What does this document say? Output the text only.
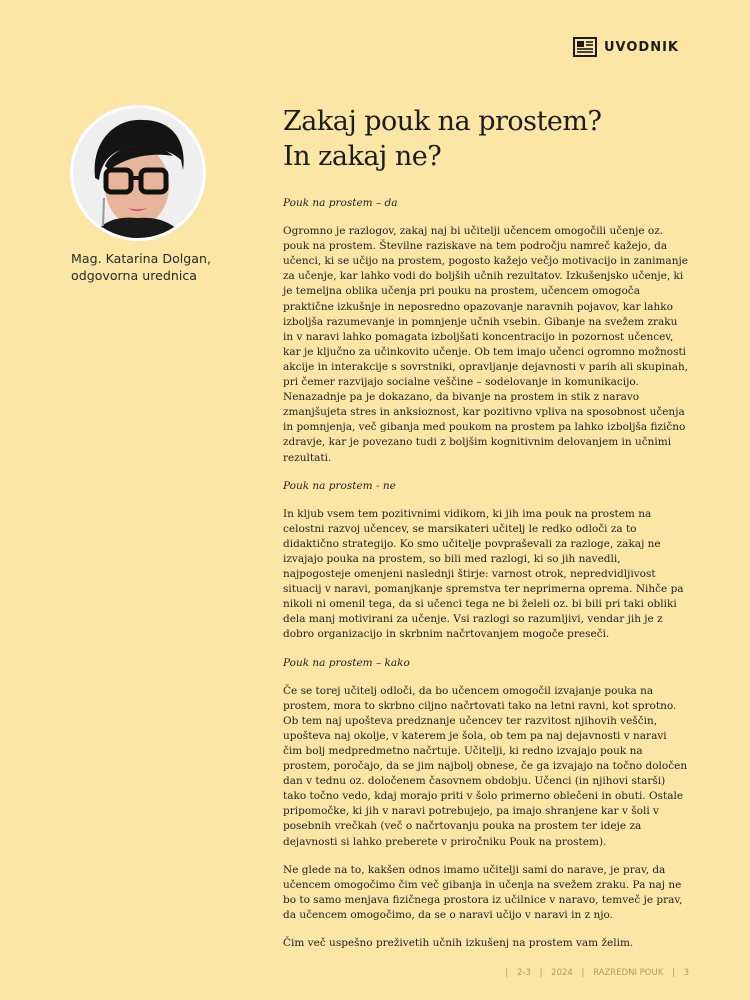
UVODNIK
Mag. Katarina Dolgan,
odgovorna urednica
Zakaj pouk na prostem?
In zakaj ne?
Pouk na prostem – da

Ogromno je razlogov, zakaj naj bi učitelji učencem omogočili učenje oz. pouk na prostem. Številne raziskave na tem področju namreč kažejo, da učenci, ki se učijo na prostem, pogosto kažejo večjo motivacijo in zanimanje za učenje, kar lahko vodi do boljših učnih rezultatov. Izkušenjsko učenje, ki je temeljna oblika učenja pri pouku na prostem, učencem omogoča praktične izkušnje in neposredno opazovanje naravnih pojavov, kar lahko izboljša razumevanje in pomnjenje učnih vsebin. Gibanje na svežem zraku in v naravi lahko pomagata izboljšati koncentracijo in pozornost učencev, kar je ključno za učinkovito učenje. Ob tem imajo učenci ogromno možnosti akcije in interakcije s sovrstniki, opravljanje dejavnosti v parih ali skupinah, pri čemer razvijajo socialne veščine – sodelovanje in komunikacijo. Nenazadnje pa je dokazano, da bivanje na prostem in stik z naravo zmanjšujeta stres in anksioznost, kar pozitivno vpliva na sposobnost učenja in pomnjenja, več gibanja med poukom na prostem pa lahko izboljša fizično zdravje, kar je povezano tudi z boljšim kognitivnim delovanjem in učnimi rezultati.

Pouk na prostem - ne

In kljub vsem tem pozitivnimi vidikom, ki jih ima pouk na prostem na celostni razvoj učencev, se marsikateri učitelj le redko odloči za to didaktično strategijo. Ko smo učitelje povpraševali za razloge, zakaj ne izvajajo pouka na prostem, so bili med razlogi, ki so jih navedli, najpogosteje omenjeni naslednji štirje: varnost otrok, nepredvidljivost situacij v naravi, pomanjkanje spremstva ter neprimerna oprema. Nihče pa nikoli ni omenil tega, da si učenci tega ne bi želeli oz. bi bili pri taki obliki dela manj motivirani za učenje. Vsi razlogi so razumljivi, vendar jih je z dobro organizacijo in skrbnim načrtovanjem mogoče preseči.

Pouk na prostem – kako

Če se torej učitelj odloči, da bo učencem omogočil izvajanje pouka na prostem, mora to skrbno ciljno načrtovati tako na letni ravni, kot sprotno. Ob tem naj upošteva predznanje učencev ter razvitost njihovih veščin, upošteva naj okolje, v katerem je šola, ob tem pa naj dejavnosti v naravi čim bolj medpredmetno načrtuje. Učitelji, ki redno izvajajo pouk na prostem, poročajo, da se jim najbolj obnese, če ga izvajajo na točno določen dan v tednu oz. določenem časovnem obdobju. Učenci (in njihovi starši) tako točno vedo, kdaj morajo priti v šolo primerno oblečeni in obuti. Ostale pripomočke, ki jih v naravi potrebujejo, pa imajo shranjene kar v šoli v posebnih vrečkah (več o načrtovanju pouka na prostem ter ideje za dejavnosti si lahko preberete v priročniku Pouk na prostem).

Ne glede na to, kakšen odnos imamo učitelji sami do narave, je prav, da učencem omogočimo čim več gibanja in učenja na svežem zraku. Pa naj ne bo to samo menjava fizičnega prostora iz učilnice v naravo, temveč je prav, da učencem omogočimo, da se o naravi učijo v naravi in z njo.

Čim več uspešno preživetih učnih izkušenj na prostem vam želim.

| 2-3 | 2024 | RAZREDNI POUK | 3
